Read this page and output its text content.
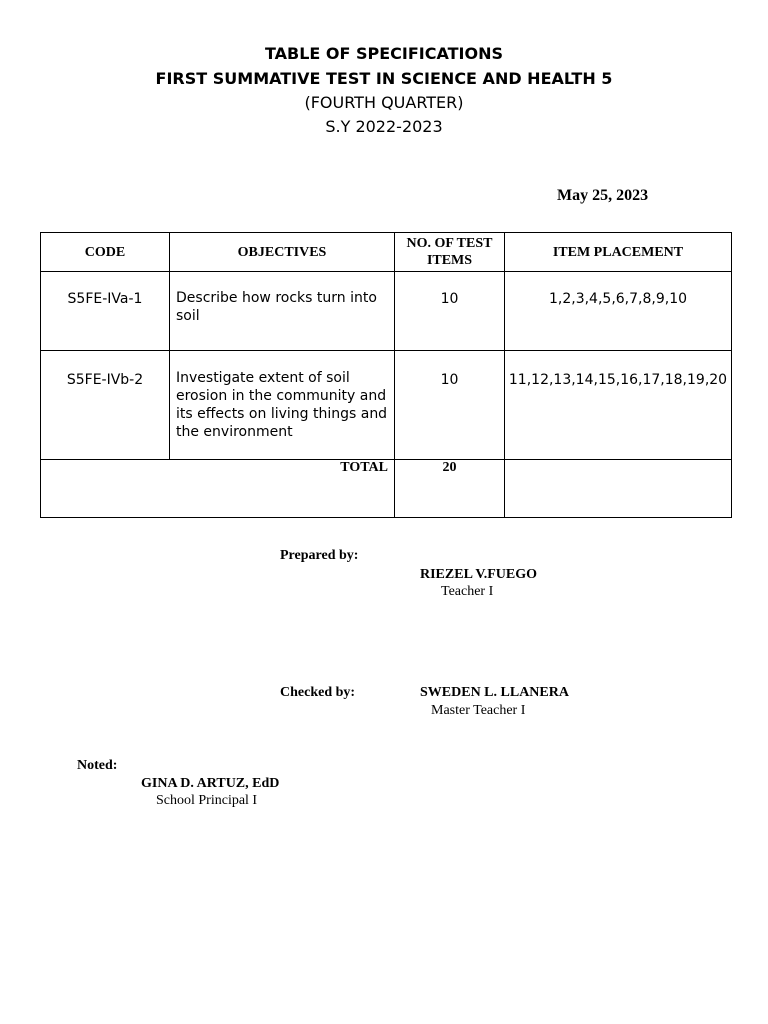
TABLE OF SPECIFICATIONS
FIRST SUMMATIVE TEST IN SCIENCE AND HEALTH 5
(FOURTH QUARTER)
S.Y 2022-2023
May 25, 2023
CODE	OBJECTIVES	NO. OF TEST ITEMS	ITEM PLACEMENT
S5FE-IVa-1	Describe how rocks turn into soil	10	1,2,3,4,5,6,7,8,9,10
S5FE-IVb-2	Investigate extent of soil erosion in the community and its effects on living things and the environment	10	11,12,13,14,15,16,17,18,19,20
TOTAL		20	
Prepared by:
RIEZEL V.FUEGO
Teacher I
Checked by:	SWEDEN L. LLANERA
Master Teacher I
Noted:
GINA D. ARTUZ, EdD
School Principal I
